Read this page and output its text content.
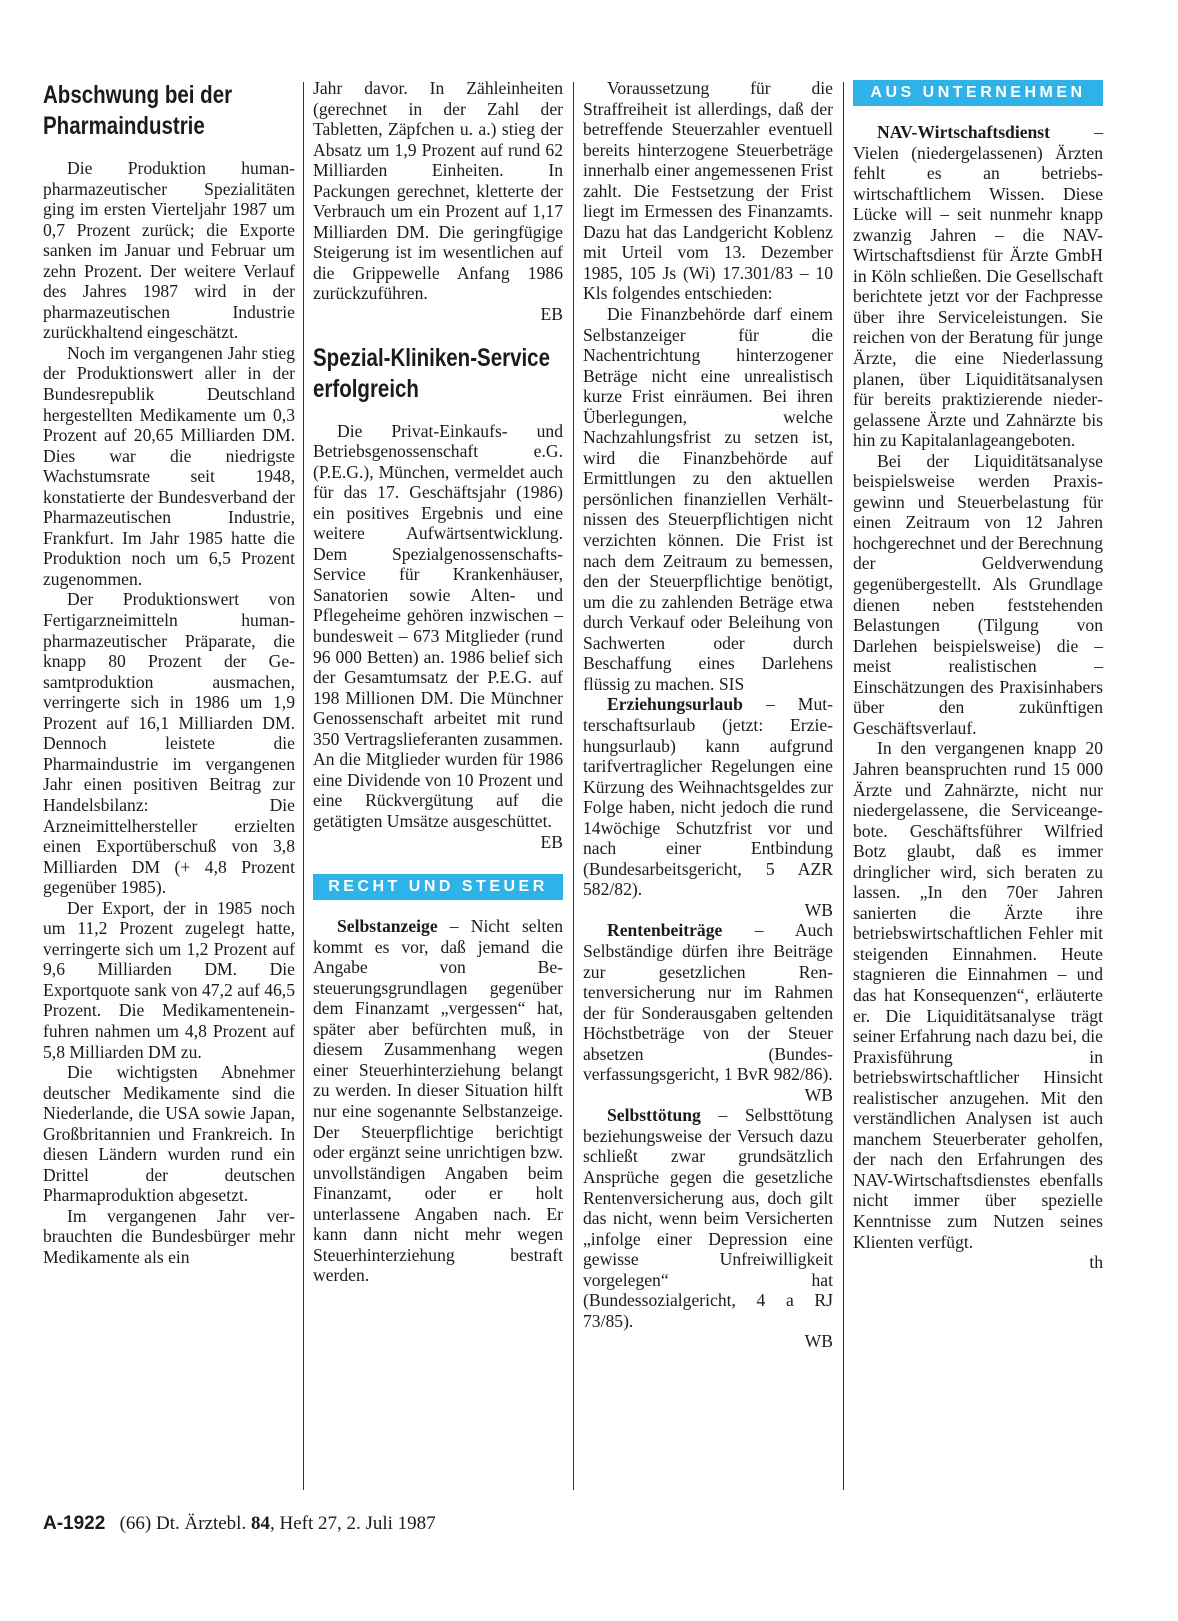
Abschwung bei der Pharmaindustrie

Die Produktion humanpharmazeutischer Spezialitäten ging im ersten Vierteljahr 1987 um 0,7 Prozent zurück; die Exporte sanken im Januar und Februar um zehn Prozent. Der weitere Verlauf des Jahres 1987 wird in der pharmazeutischen Industrie zurückhaltend eingeschätzt.

Noch im vergangenen Jahr stieg der Produktionswert aller in der Bundesrepublik Deutschland hergestellten Medikamente um 0,3 Prozent auf 20,65 Milliarden DM. Dies war die niedrigste Wachstumsrate seit 1948, konstatierte der Bundesverband der Pharmazeutischen Industrie, Frankfurt. Im Jahr 1985 hatte die Produktion noch um 6,5 Prozent zugenommen.

Der Produktionswert von Fertigarzneimitteln humanpharmazeutischer Präparate, die knapp 80 Prozent der Gesamtproduktion ausmachen, verringerte sich in 1986 um 1,9 Prozent auf 16,1 Milliarden DM. Dennoch leistete die Pharmaindustrie im vergangenen Jahr einen positiven Beitrag zur Handelsbilanz: Die Arzneimittelhersteller erzielten einen Exportüberschuß von 3,8 Milliarden DM (+ 4,8 Prozent gegenüber 1985).

Der Export, der in 1985 noch um 11,2 Prozent zugelegt hatte, verringerte sich um 1,2 Prozent auf 9,6 Milliarden DM. Die Exportquote sank von 47,2 auf 46,5 Prozent. Die Medikamenteneinfuhren nahmen um 4,8 Prozent auf 5,8 Milliarden DM zu.

Die wichtigsten Abnehmer deutscher Medikamente sind die Niederlande, die USA sowie Japan, Großbritannien und Frankreich. In diesen Ländern wurden rund ein Drittel der deutschen Pharmaproduktion abgesetzt.

Im vergangenen Jahr verbrauchten die Bundesbürger mehr Medikamente als ein

Jahr davor. In Zähleinheiten (gerechnet in der Zahl der Tabletten, Zäpfchen u. a.) stieg der Absatz um 1,9 Prozent auf rund 62 Milliarden Einheiten. In Packungen gerechnet, kletterte der Verbrauch um ein Prozent auf 1,17 Milliarden DM. Die geringfügige Steigerung ist im wesentlichen auf die Grippewelle Anfang 1986 zurückzuführen.

EB
Spezial-Kliniken-Service erfolgreich

Die Privat-Einkaufs- und Betriebsgenossenschaft e.G. (P.E.G.), München, vermeldet auch für das 17. Geschäftsjahr (1986) ein positives Ergebnis und eine weitere Aufwärtsentwicklung. Dem Spezialgenossenschafts-Service für Krankenhäuser, Sanatorien sowie Alten- und Pflegeheime gehören inzwischen – bundesweit – 673 Mitglieder (rund 96 000 Betten) an. 1986 belief sich der Gesamtumsatz der P.E.G. auf 198 Millionen DM. Die Münchner Genossenschaft arbeitet mit rund 350 Vertragslieferanten zusammen. An die Mitglieder wurden für 1986 eine Dividende von 10 Prozent und eine Rückvergütung auf die getätigten Umsätze ausgeschüttet.

EB
RECHT UND STEUER

Selbstanzeige – Nicht selten kommt es vor, daß jemand die Angabe von Besteuerungsgrundlagen gegenüber dem Finanzamt „vergessen“ hat, später aber befürchten muß, in diesem Zusammenhang wegen einer Steuerhinterziehung belangt zu werden. In dieser Situation hilft nur eine sogenannte Selbstanzeige. Der Steuerpflichtige berichtigt oder ergänzt seine unrichtigen bzw. unvollständigen Angaben beim Finanzamt, oder er holt unterlassene Angaben nach. Er kann dann nicht mehr wegen Steuerhinterziehung bestraft werden.

Voraussetzung für die Straffreiheit ist allerdings, daß der betreffende Steuerzahler eventuell bereits hinterzogene Steuerbeträge innerhalb einer angemessenen Frist zahlt. Die Festsetzung der Frist liegt im Ermessen des Finanzamts. Dazu hat das Landgericht Koblenz mit Urteil vom 13. Dezember 1985, 105 Js (Wi) 17.301/83 – 10 Kls folgendes entschieden:

Die Finanzbehörde darf einem Selbstanzeiger für die Nachentrichtung hinterzogener Beträge nicht eine unrealistisch kurze Frist einräumen. Bei ihren Überlegungen, welche Nachzahlungsfrist zu setzen ist, wird die Finanzbehörde auf Ermittlungen zu den aktuellen persönlichen finanziellen Verhältnissen des Steuerpflichtigen nicht verzichten können. Die Frist ist nach dem Zeitraum zu bemessen, den der Steuerpflichtige benötigt, um die zu zahlenden Beträge etwa durch Verkauf oder Beleihung von Sachwerten oder durch Beschaffung eines Darlehens flüssig zu machen. SIS

Erziehungsurlaub – Mutterschaftsurlaub (jetzt: Erziehungsurlaub) kann aufgrund tarifvertraglicher Regelungen eine Kürzung des Weihnachtsgeldes zur Folge haben, nicht jedoch die rund 14wöchige Schutzfrist vor und nach einer Entbindung (Bundesarbeitsgericht, 5 AZR 582/82).

WB

Rentenbeiträge – Auch Selbständige dürfen ihre Beiträge zur gesetzlichen Rentenversicherung nur im Rahmen der für Sonderausgaben geltenden Höchstbeträge von der Steuer absetzen (Bundesverfassungsgericht, 1 BvR 982/86).

WB

Selbsttötung – Selbsttötung beziehungsweise der Versuch dazu schließt zwar grundsätzlich Ansprüche gegen die gesetzliche Rentenversicherung aus, doch gilt das nicht, wenn beim Versicherten „infolge einer Depression eine gewisse Unfreiwilligkeit vorgelegen“ hat (Bundessozialgericht, 4 a RJ 73/85).

WB
AUS UNTERNEHMEN

NAV-Wirtschaftsdienst – Vielen (niedergelassenen) Ärzten fehlt es an betriebswirtschaftlichem Wissen. Diese Lücke will – seit nunmehr knapp zwanzig Jahren – die NAV-Wirtschaftsdienst für Ärzte GmbH in Köln schließen. Die Gesellschaft berichtete jetzt vor der Fachpresse über ihre Serviceleistungen. Sie reichen von der Beratung für junge Ärzte, die eine Niederlassung planen, über Liquiditätsanalysen für bereits praktizierende niedergelassene Ärzte und Zahnärzte bis hin zu Kapitalanlageangeboten.

Bei der Liquiditätsanalyse beispielsweise werden Praxisgewinn und Steuerbelastung für einen Zeitraum von 12 Jahren hochgerechnet und der Berechnung der Geldverwendung gegenübergestellt. Als Grundlage dienen neben feststehenden Belastungen (Tilgung von Darlehen beispielsweise) die – meist realistischen – Einschätzungen des Praxisinhabers über den zukünftigen Geschäftsverlauf.

In den vergangenen knapp 20 Jahren beanspruchten rund 15 000 Ärzte und Zahnärzte, nicht nur niedergelassene, die Serviceangebote. Geschäftsführer Wilfried Botz glaubt, daß es immer dringlicher wird, sich beraten zu lassen. „In den 70er Jahren sanierten die Ärzte ihre betriebswirtschaftlichen Fehler mit steigenden Einnahmen. Heute stagnieren die Einnahmen – und das hat Konsequenzen“, erläuterte er. Die Liquiditätsanalyse trägt seiner Erfahrung nach dazu bei, die Praxisführung in betriebswirtschaftlicher Hinsicht realistischer anzugehen. Mit den verständlichen Analysen ist auch manchem Steuerberater geholfen, der nach den Erfahrungen des NAV-Wirtschaftsdienstes ebenfalls nicht immer über spezielle Kenntnisse zum Nutzen seines Klienten verfügt.

th
A-1922 (66) Dt. Ärztebl. 84, Heft 27, 2. Juli 1987
